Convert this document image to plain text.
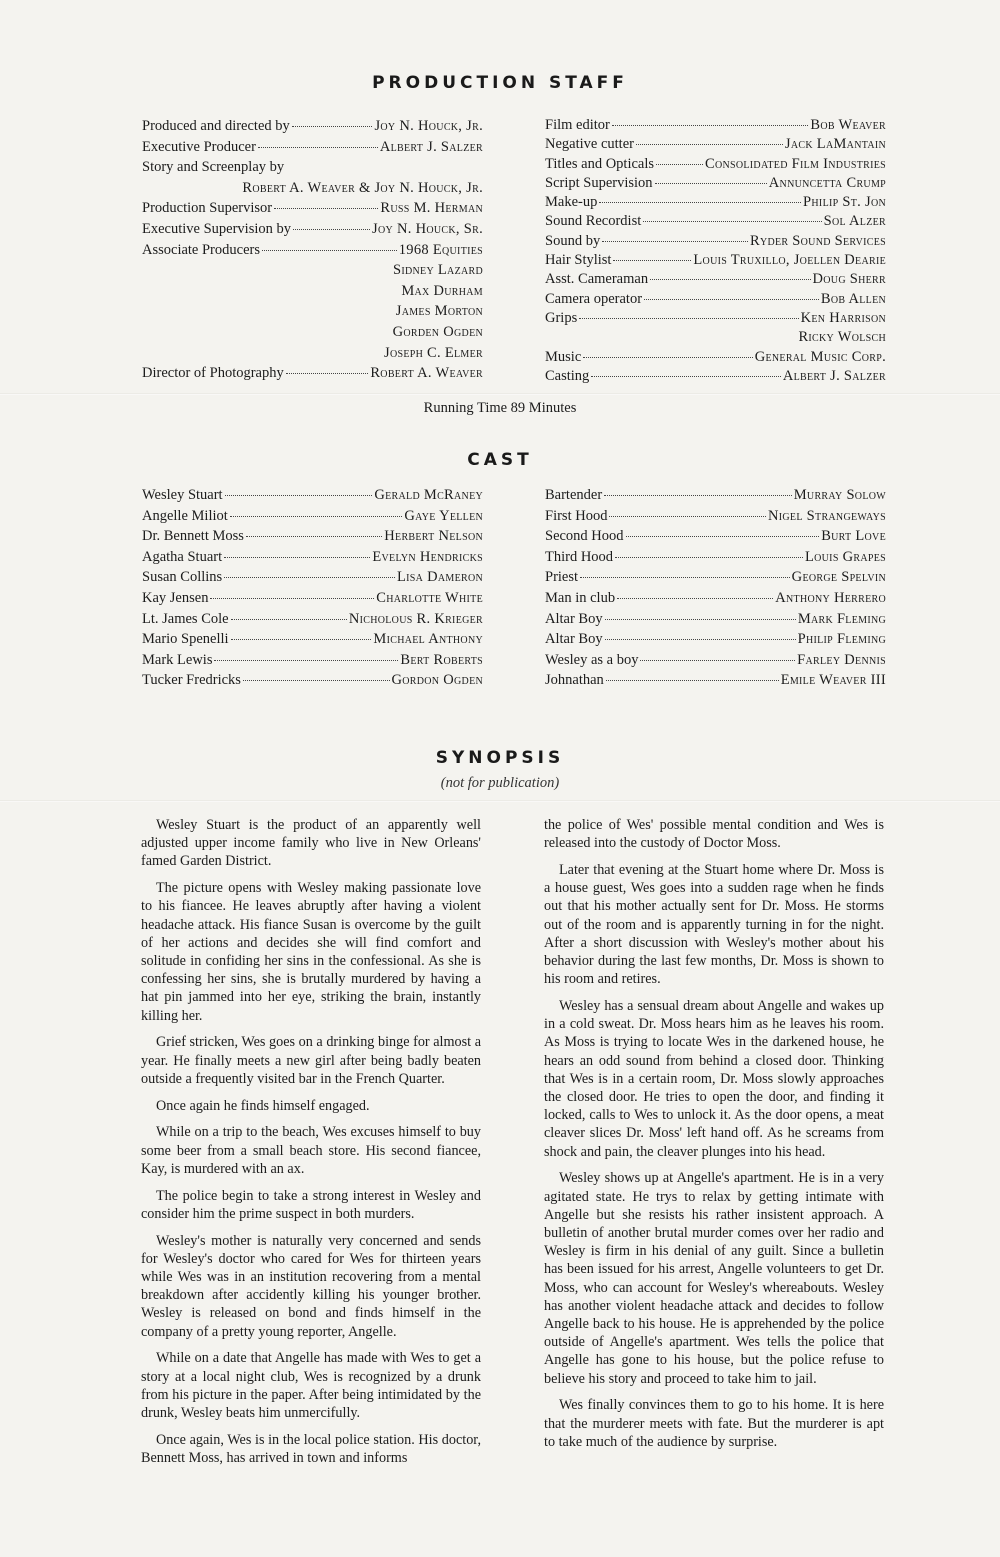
PRODUCTION STAFF
Produced and directed by	Joy N. Houck, Jr.
Executive Producer	Albert J. Salzer
Story and Screenplay by
Robert A. Weaver & Joy N. Houck, Jr.
Production Supervisor	Russ M. Herman
Executive Supervision by	Joy N. Houck, Sr.
Associate Producers	1968 Equities
Sidney Lazard
Max Durham
James Morton
Gorden Ogden
Joseph C. Elmer
Director of Photography	Robert A. Weaver
Film editor	Bob Weaver
Negative cutter	Jack LaMantain
Titles and Opticals	Consolidated Film Industries
Script Supervision	Annuncetta Crump
Make-up	Philip St. Jon
Sound Recordist	Sol Alzer
Sound by	Ryder Sound Services
Hair Stylist	Louis Truxillo, Joellen Dearie
Asst. Cameraman	Doug Sherr
Camera operator	Bob Allen
Grips	Ken Harrison
Ricky Wolsch
Music	General Music Corp.
Casting	Albert J. Salzer
Running Time 89 Minutes
CAST
Wesley Stuart	Gerald McRaney
Angelle Miliot	Gaye Yellen
Dr. Bennett Moss	Herbert Nelson
Agatha Stuart	Evelyn Hendricks
Susan Collins	Lisa Dameron
Kay Jensen	Charlotte White
Lt. James Cole	Nicholous R. Krieger
Mario Spenelli	Michael Anthony
Mark Lewis	Bert Roberts
Tucker Fredricks	Gordon Ogden
Bartender	Murray Solow
First Hood	Nigel Strangeways
Second Hood	Burt Love
Third Hood	Louis Grapes
Priest	George Spelvin
Man in club	Anthony Herrero
Altar Boy	Mark Fleming
Altar Boy	Philip Fleming
Wesley as a boy	Farley Dennis
Johnathan	Emile Weaver III
SYNOPSIS
(not for publication)

Wesley Stuart is the product of an apparently well adjusted upper income family who live in New Orleans' famed Garden District.

The picture opens with Wesley making passionate love to his fiancee. He leaves abruptly after having a violent headache attack. His fiance Susan is overcome by the guilt of her actions and decides she will find comfort and solitude in confiding her sins in the confessional. As she is confessing her sins, she is brutally murdered by having a hat pin jammed into her eye, striking the brain, instantly killing her.

Grief stricken, Wes goes on a drinking binge for almost a year. He finally meets a new girl after being badly beaten outside a frequently visited bar in the French Quarter.

Once again he finds himself engaged.

While on a trip to the beach, Wes excuses himself to buy some beer from a small beach store. His second fiancee, Kay, is murdered with an ax.

The police begin to take a strong interest in Wesley and consider him the prime suspect in both murders.

Wesley's mother is naturally very concerned and sends for Wesley's doctor who cared for Wes for thirteen years while Wes was in an institution recovering from a mental breakdown after accidently killing his younger brother. Wesley is released on bond and finds himself in the company of a pretty young reporter, Angelle.

While on a date that Angelle has made with Wes to get a story at a local night club, Wes is recognized by a drunk from his picture in the paper. After being intimidated by the drunk, Wesley beats him unmercifully.

Once again, Wes is in the local police station. His doctor, Bennett Moss, has arrived in town and informs

the police of Wes' possible mental condition and Wes is released into the custody of Doctor Moss.

Later that evening at the Stuart home where Dr. Moss is a house guest, Wes goes into a sudden rage when he finds out that his mother actually sent for Dr. Moss. He storms out of the room and is apparently turning in for the night. After a short discussion with Wesley's mother about his behavior during the last few months, Dr. Moss is shown to his room and retires.

Wesley has a sensual dream about Angelle and wakes up in a cold sweat. Dr. Moss hears him as he leaves his room. As Moss is trying to locate Wes in the darkened house, he hears an odd sound from behind a closed door. Thinking that Wes is in a certain room, Dr. Moss slowly approaches the closed door. He tries to open the door, and finding it locked, calls to Wes to unlock it. As the door opens, a meat cleaver slices Dr. Moss' left hand off. As he screams from shock and pain, the cleaver plunges into his head.

Wesley shows up at Angelle's apartment. He is in a very agitated state. He trys to relax by getting intimate with Angelle but she resists his rather insistent approach. A bulletin of another brutal murder comes over her radio and Wesley is firm in his denial of any guilt. Since a bulletin has been issued for his arrest, Angelle volunteers to get Dr. Moss, who can account for Wesley's whereabouts. Wesley has another violent headache attack and decides to follow Angelle back to his house. He is apprehended by the police outside of Angelle's apartment. Wes tells the police that Angelle has gone to his house, but the police refuse to believe his story and proceed to take him to jail.

Wes finally convinces them to go to his home. It is here that the murderer meets with fate. But the murderer is apt to take much of the audience by surprise.
